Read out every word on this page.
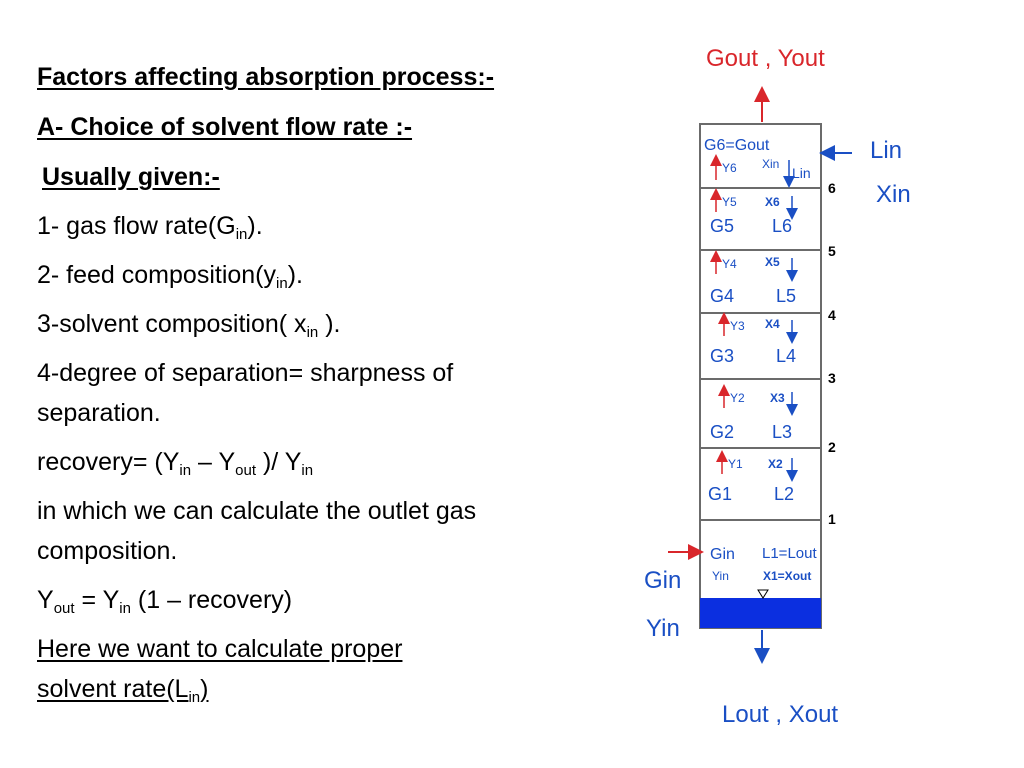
Factors affecting absorption process:-
A- Choice of solvent flow rate :-
Usually given:-
1- gas flow $rate(G_{in})$.
2- feed $composition(y_{in})$.
3-solvent composition( $x_{in}$ ).
4-degree of separation= sharpness of
separation.
recovery= ($Y_{in} - Y_{out}$ )/ $Y_{in}$
in which we can calculate the outlet gas
composition.
$Y_{out} = Y_{in}$ (1 – recovery)
Here we want to calculate proper
solvent $rate(L_{in})$
Gout , Yout
6
5
4
3
2
1
Lin
Xin
G6=Gout
Y6 Xin
Lin
Y5 X6
G5 L6
Y4 X5
G4 L5
Y3 X4
G3 L4
Y2 X3
G2 L3
Y1 X2
G1 L2
Gin
Yin
L1=Lout
X1=Xout
Gin
Yin
Lout , Xout
